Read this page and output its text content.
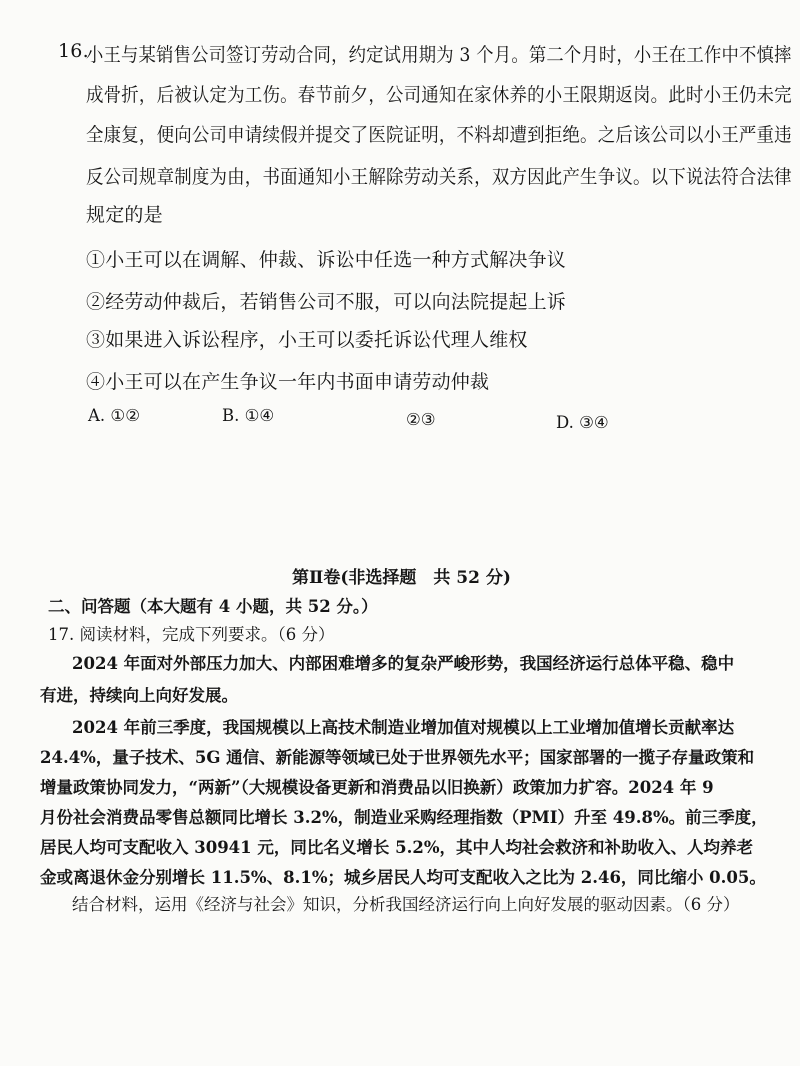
16.

小王与某销售公司签订劳动合同，约定试用期为 3 个月。第二个月时，小王在工作中不慎摔

成骨折，后被认定为工伤。春节前夕，公司通知在家休养的小王限期返岗。此时小王仍未完

全康复，便向公司申请续假并提交了医院证明，不料却遭到拒绝。之后该公司以小王严重违

反公司规章制度为由，书面通知小王解除劳动关系，双方因此产生争议。以下说法符合法律

规定的是

①小王可以在调解、仲裁、诉讼中任选一种方式解决争议

②经劳动仲裁后，若销售公司不服，可以向法院提起上诉

③如果进入诉讼程序，小王可以委托诉讼代理人维权

④小王可以在产生争议一年内书面申请劳动仲裁

A. ①②	B. ①④	②③	D. ③④

第Ⅱ卷(非选择题　共 52 分)

二、问答题（本大题有 4 小题，共 52 分。）

17. 阅读材料，完成下列要求。（6 分）

2024 年面对外部压力加大、内部困难增多的复杂严峻形势，我国经济运行总体平稳、稳中

有进，持续向上向好发展。

2024 年前三季度，我国规模以上高技术制造业增加值对规模以上工业增加值增长贡献率达

24.4%，量子技术、5G 通信、新能源等领域已处于世界领先水平；国家部署的一揽子存量政策和

增量政策协同发力，“两新”（大规模设备更新和消费品以旧换新）政策加力扩容。2024 年 9

月份社会消费品零售总额同比增长 3.2%，制造业采购经理指数（PMI）升至 49.8%。前三季度，

居民人均可支配收入 30941 元，同比名义增长 5.2%，其中人均社会救济和补助收入、人均养老

金或离退休金分别增长 11.5%、8.1%；城乡居民人均可支配收入之比为 2.46，同比缩小 0.05。

结合材料，运用《经济与社会》知识，分析我国经济运行向上向好发展的驱动因素。（6 分）
